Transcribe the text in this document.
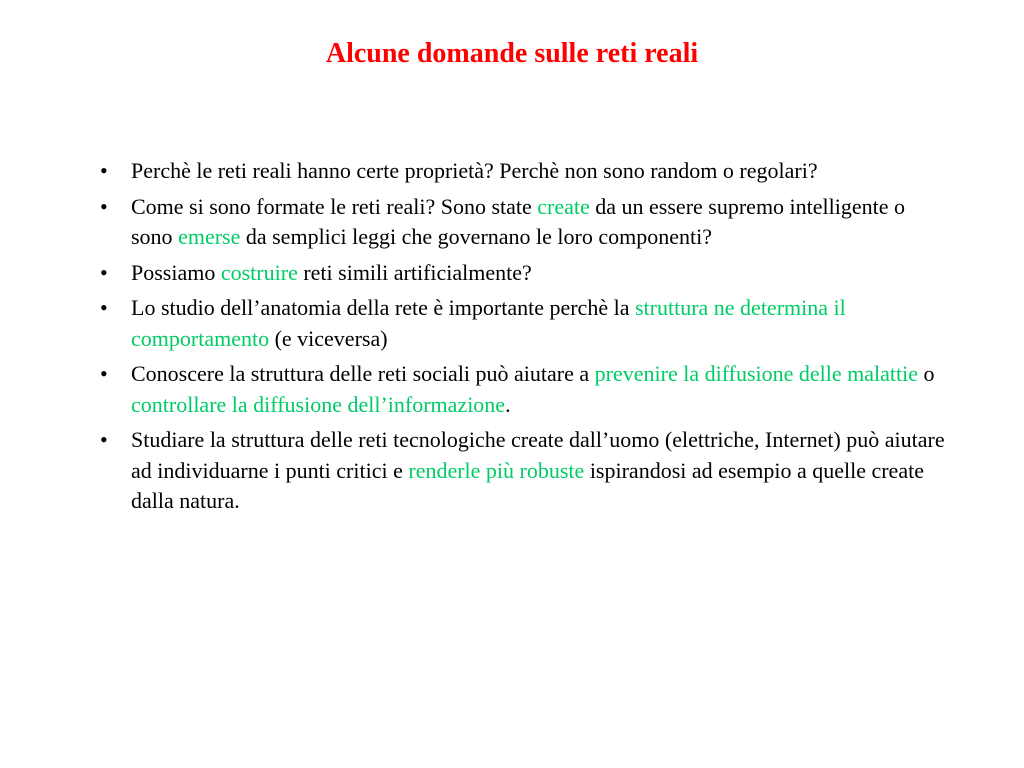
Alcune domande sulle reti reali
• Perchè le reti reali hanno certe proprietà? Perchè non sono random o regolari?
• Come si sono formate le reti reali? Sono state create da un essere supremo intelligente o sono emerse da semplici leggi che governano le loro componenti?
• Possiamo costruire reti simili artificialmente?
• Lo studio dell’anatomia della rete è importante perchè la struttura ne determina il comportamento (e viceversa)
• Conoscere la struttura delle reti sociali può aiutare a prevenire la diffusione delle malattie o controllare la diffusione dell’informazione.
• Studiare la struttura delle reti tecnologiche create dall’uomo (elettriche, Internet) può aiutare ad individuarne i punti critici e renderle più robuste ispirandosi ad esempio a quelle create dalla natura.
